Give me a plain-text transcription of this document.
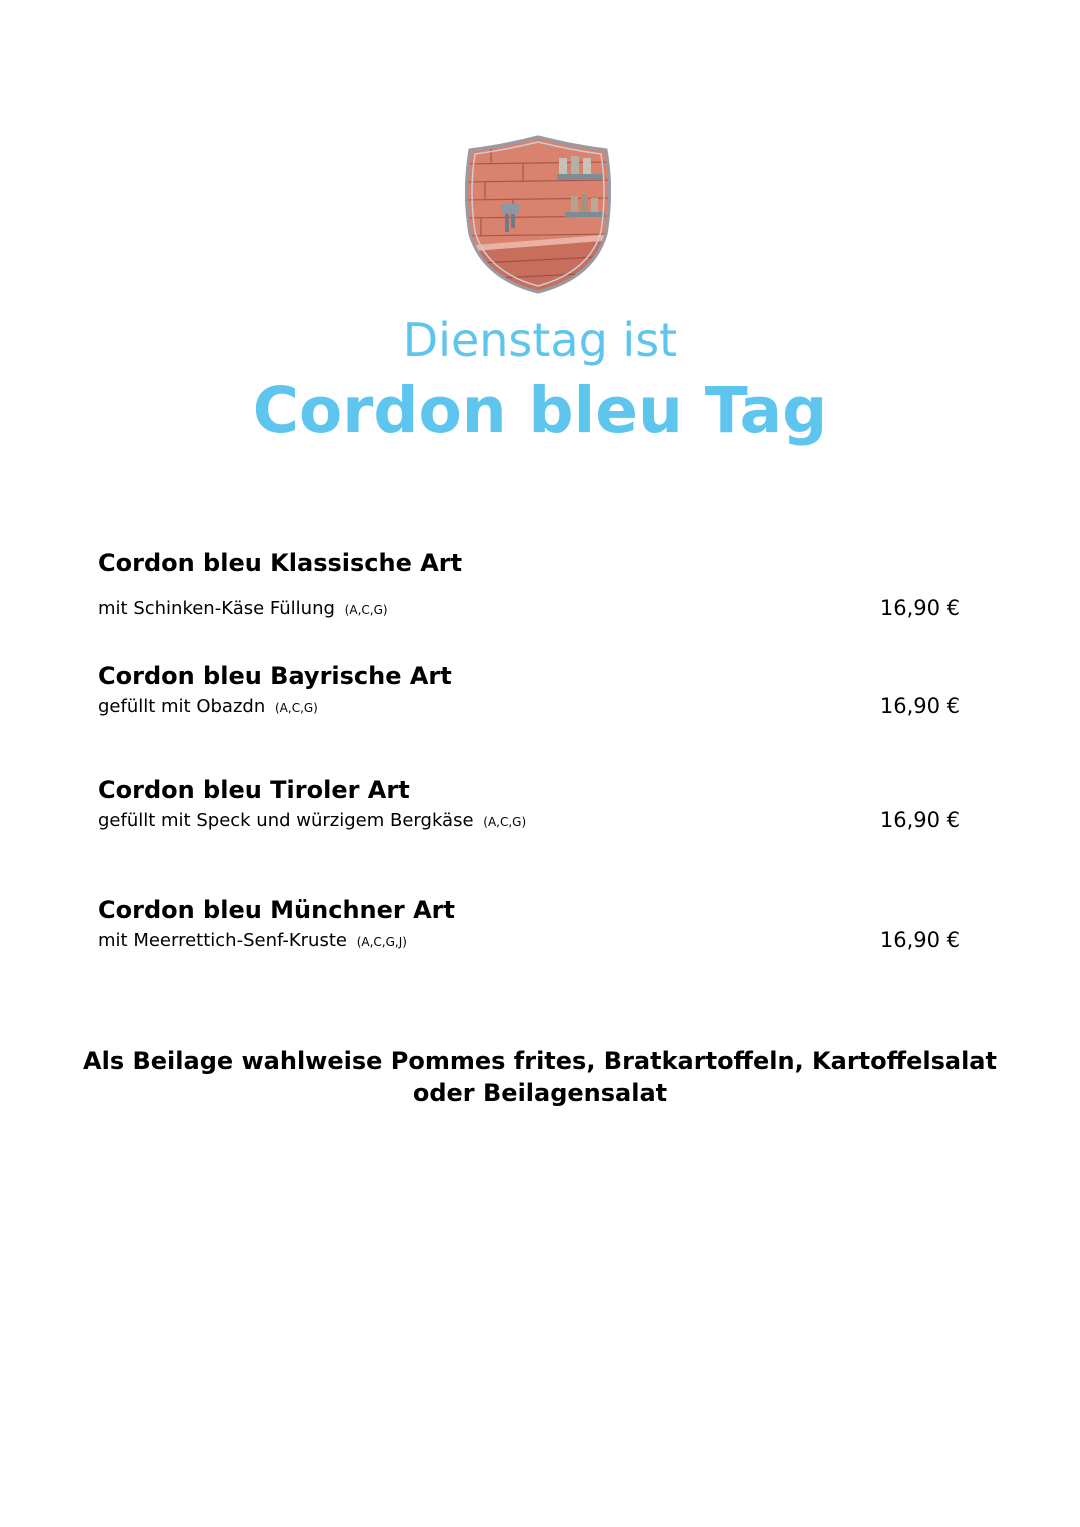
Dienstag ist
Cordon bleu Tag
Cordon bleu Klassische Art
mit Schinken-Käse Füllung (A,C,G)	16,90 €
Cordon bleu Bayrische Art
gefüllt mit Obazdn (A,C,G)	16,90 €
Cordon bleu Tiroler Art
gefüllt mit Speck und würzigem Bergkäse (A,C,G)	16,90 €
Cordon bleu Münchner Art
mit Meerrettich-Senf-Kruste (A,C,G,J)	16,90 €
Als Beilage wahlweise Pommes frites, Bratkartoffeln, Kartoffelsalat
oder Beilagensalat
